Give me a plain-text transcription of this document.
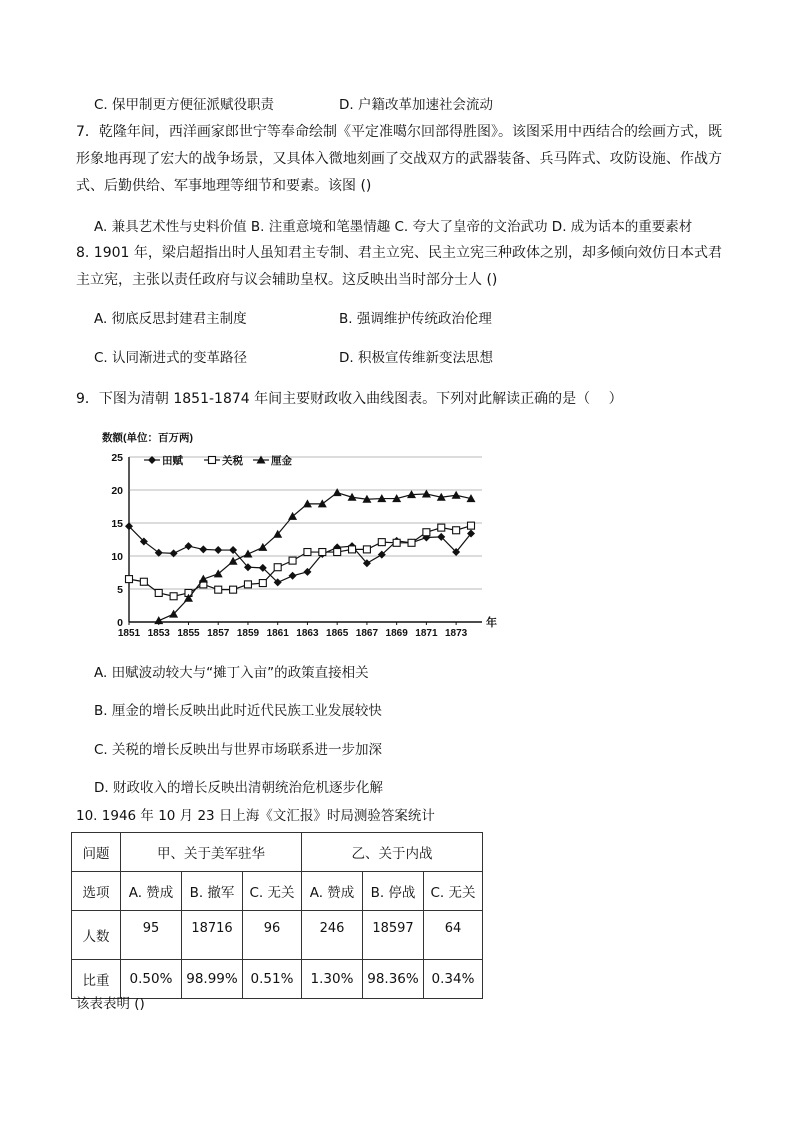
C. 保甲制更方便征派赋役职责	D. 户籍改革加速社会流动
7．乾隆年间，西洋画家郎世宁等奉命绘制《平定准噶尔回部得胜图》。该图采用中西结合的绘画方式，既形象地再现了宏大的战争场景，又具体入微地刻画了交战双方的武器装备、兵马阵式、攻防设施、作战方式、后勤供给、军事地理等细节和要素。该图 ()
A. 兼具艺术性与史料价值 B. 注重意境和笔墨情趣 C. 夸大了皇帝的文治武功 D. 成为话本的重要素材
8. 1901 年，梁启超指出时人虽知君主专制、君主立宪、民主立宪三种政体之别，却多倾向效仿日本式君主立宪，主张以责任政府与议会辅助皇权。这反映出当时部分士人 ()
A. 彻底反思封建君主制度	B. 强调维护传统政治伦理
C. 认同渐进式的变革路径	D. 积极宣传维新变法思想
9．下图为清朝 1851-1874 年间主要财政收入曲线图表。下列对此解读正确的是（　 ）
数额(单位：百万两)
0
5
10
15
20
25
1851 1853 1855 1857 1859 1861 1863 1865 1867 1869 1871 1873
年
田赋	关税	厘金
A. 田赋波动较大与“摊丁入亩”的政策直接相关
B. 厘金的增长反映出此时近代民族工业发展较快
C. 关税的增长反映出与世界市场联系进一步加深
D. 财政收入的增长反映出清朝统治危机逐步化解
10. 1946 年 10 月 23 日上海《文汇报》时局测验答案统计
问题	甲、关于美军驻华			乙、关于内战		
选项	A. 赞成	B. 撤军	C. 无关	A. 赞成	B. 停战	C. 无关
人数	95	18716	96	246	18597	64
比重	0.50%	98.99%	0.51%	1.30%	98.36%	0.34%
该表表明 ()
